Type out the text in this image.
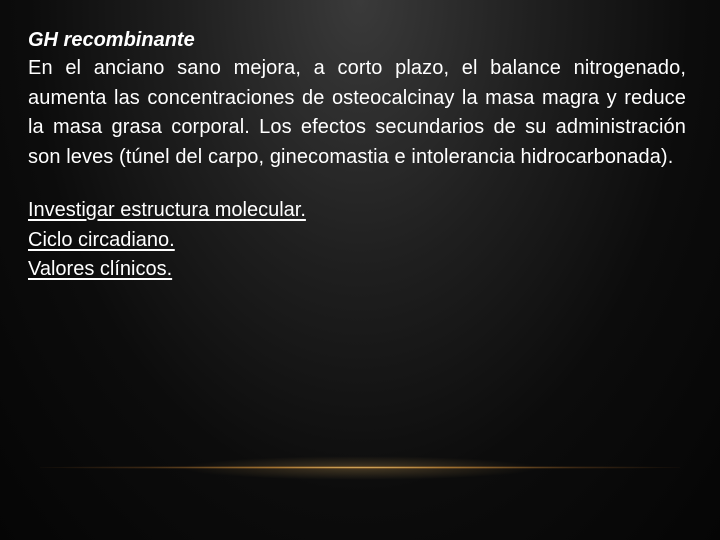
GH recombinante

En el anciano sano mejora, a corto plazo, el balance nitrogenado, aumenta las concentraciones de osteocalcinay la masa magra y reduce la masa grasa corporal. Los efectos secundarios de su administración son leves (túnel del carpo, ginecomastia e intolerancia hidrocarbonada).

Investigar estructura molecular.
Ciclo circadiano.
Valores clínicos.
